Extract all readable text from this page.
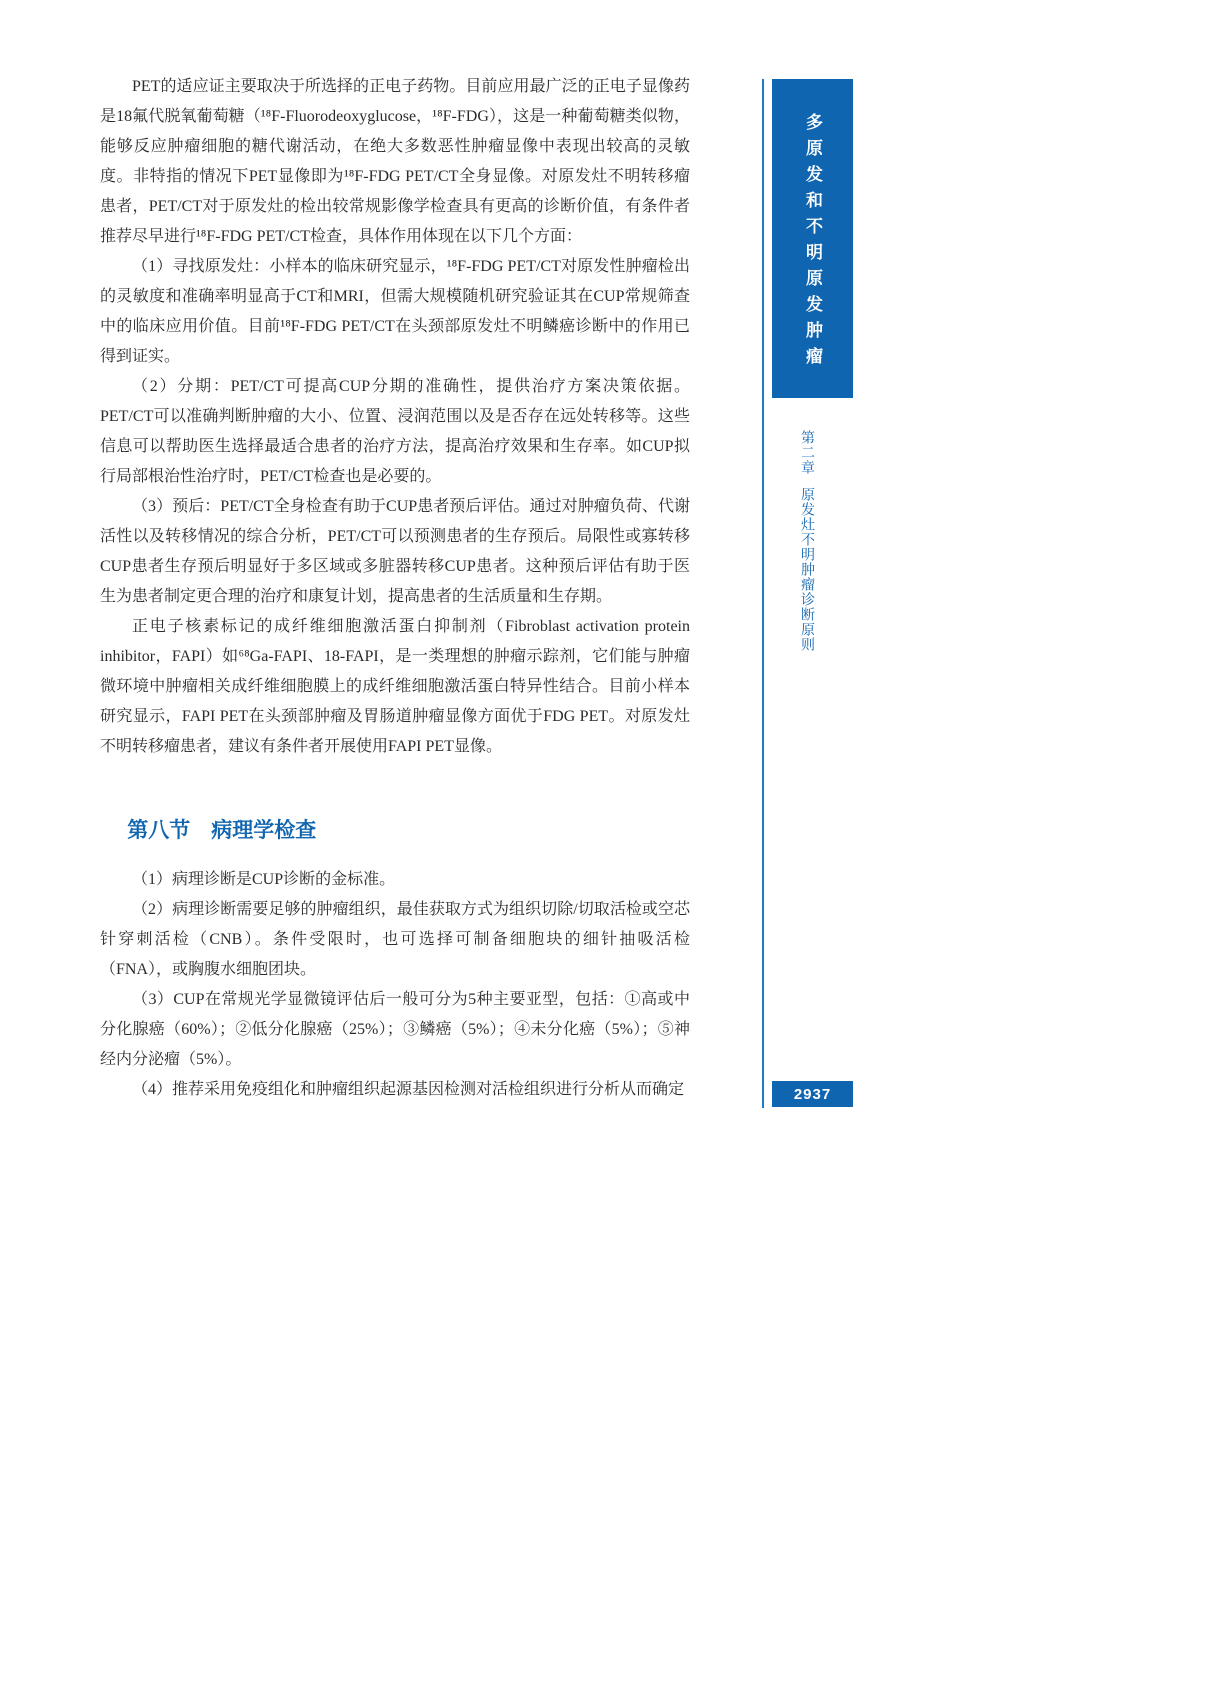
PET的适应证主要取决于所选择的正电子药物。目前应用最广泛的正电子显像药是18氟代脱氧葡萄糖（¹⁸F-Fluorodeoxyglucose，¹⁸F-FDG），这是一种葡萄糖类似物，能够反应肿瘤细胞的糖代谢活动，在绝大多数恶性肿瘤显像中表现出较高的灵敏度。非特指的情况下PET显像即为¹⁸F-FDG PET/CT全身显像。对原发灶不明转移瘤患者，PET/CT对于原发灶的检出较常规影像学检查具有更高的诊断价值，有条件者推荐尽早进行¹⁸F-FDG PET/CT检查，具体作用体现在以下几个方面：

（1）寻找原发灶：小样本的临床研究显示，¹⁸F-FDG PET/CT对原发性肿瘤检出的灵敏度和准确率明显高于CT和MRI，但需大规模随机研究验证其在CUP常规筛查中的临床应用价值。目前¹⁸F-FDG PET/CT在头颈部原发灶不明鳞癌诊断中的作用已得到证实。

（2）分期：PET/CT可提高CUP分期的准确性，提供治疗方案决策依据。PET/CT可以准确判断肿瘤的大小、位置、浸润范围以及是否存在远处转移等。这些信息可以帮助医生选择最适合患者的治疗方法，提高治疗效果和生存率。如CUP拟行局部根治性治疗时，PET/CT检查也是必要的。

（3）预后：PET/CT全身检查有助于CUP患者预后评估。通过对肿瘤负荷、代谢活性以及转移情况的综合分析，PET/CT可以预测患者的生存预后。局限性或寡转移CUP患者生存预后明显好于多区域或多脏器转移CUP患者。这种预后评估有助于医生为患者制定更合理的治疗和康复计划，提高患者的生活质量和生存期。

正电子核素标记的成纤维细胞激活蛋白抑制剂（Fibroblast activation protein inhibitor，FAPI）如⁶⁸Ga-FAPI、18-FAPI，是一类理想的肿瘤示踪剂，它们能与肿瘤微环境中肿瘤相关成纤维细胞膜上的成纤维细胞激活蛋白特异性结合。目前小样本研究显示，FAPI PET在头颈部肿瘤及胃肠道肿瘤显像方面优于FDG PET。对原发灶不明转移瘤患者，建议有条件者开展使用FAPI PET显像。

第八节　病理学检查

（1）病理诊断是CUP诊断的金标准。

（2）病理诊断需要足够的肿瘤组织，最佳获取方式为组织切除/切取活检或空芯针穿刺活检（CNB）。条件受限时，也可选择可制备细胞块的细针抽吸活检（FNA），或胸腹水细胞团块。

（3）CUP在常规光学显微镜评估后一般可分为5种主要亚型，包括：①高或中分化腺癌（60%）；②低分化腺癌（25%）；③鳞癌（5%）；④未分化癌（5%）；⑤神经内分泌瘤（5%）。

（4）推荐采用免疫组化和肿瘤组织起源基因检测对活检组织进行分析从而确定

多原发和不明原发肿瘤
第二章原发灶不明肿瘤诊断原则
2937
